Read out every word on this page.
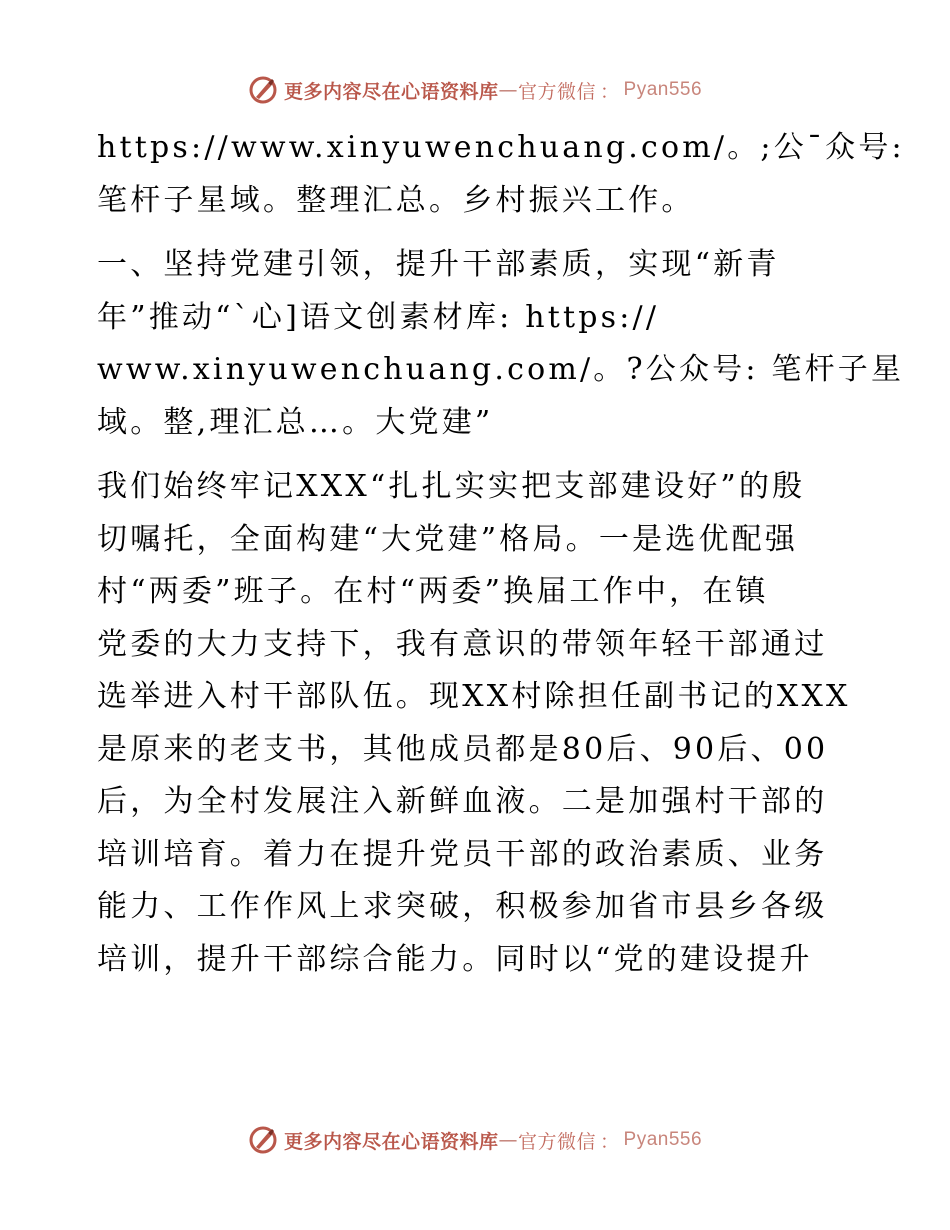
更多内容尽在心语资料库 — 官方微信 ： Pyan556

https://www.xinyuwenchuang.com/。;公¯众号:
笔杆子星域。整理汇总。乡村振兴工作。

一、坚持党建引领，提升干部素质，实现“新青
年”推动“`心]语文创素材库: https://
www.xinyuwenchuang.com/。?公众号: 笔杆子星
域。整,理汇总…。大党建”

我们始终牢记XXX“扎扎实实把支部建设好”的殷
切嘱托，全面构建“大党建”格局。一是选优配强
村“两委”班子。在村“两委”换届工作中，在镇
党委的大力支持下，我有意识的带领年轻干部通过
选举进入村干部队伍。现XX村除担任副书记的XXX
是原来的老支书，其他成员都是80后、90后、00
后，为全村发展注入新鲜血液。二是加强村干部的
培训培育。着力在提升党员干部的政治素质、业务
能力、工作作风上求突破，积极参加省市县乡各级
培训，提升干部综合能力。同时以“党的建设提升

更多内容尽在心语资料库 — 官方微信 ： Pyan556
